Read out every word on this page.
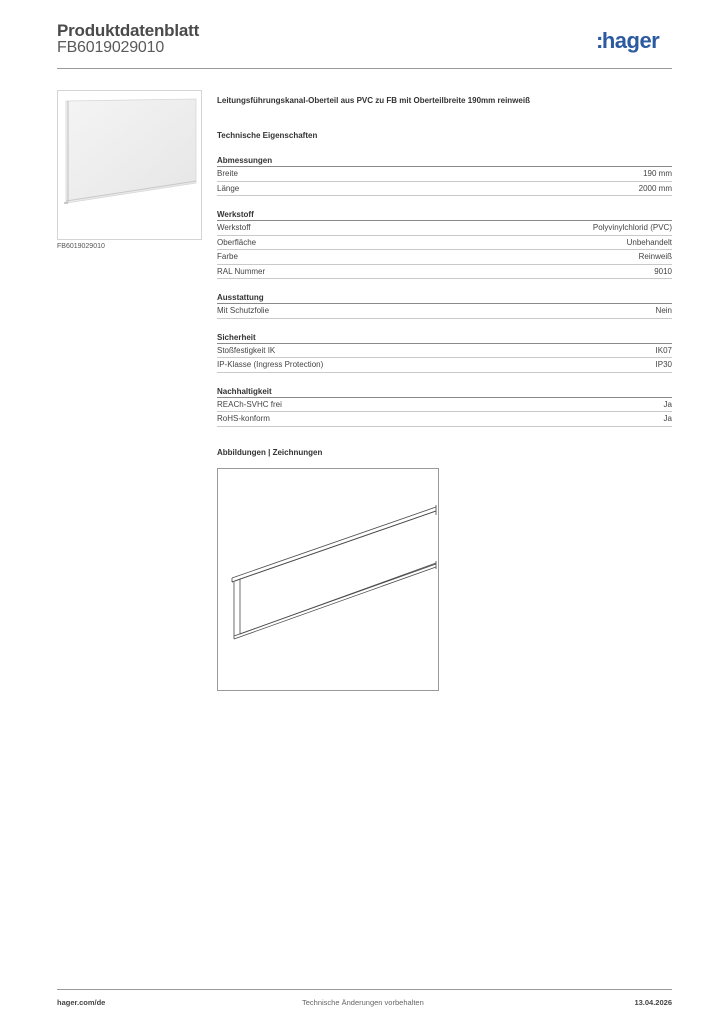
Produktdatenblatt
FB6019029010	:hager
FB6019029010
Leitungsführungskanal-Oberteil aus PVC zu FB mit Oberteilbreite 190mm reinweiß
Technische Eigenschaften
Abmessungen
Breite	190 mm
Länge	2000 mm
Werkstoff
Werkstoff	Polyvinylchlorid (PVC)
Oberfläche	Unbehandelt
Farbe	Reinweiß
RAL Nummer	9010
Ausstattung
Mit Schutzfolie	Nein
Sicherheit
Stoßfestigkeit IK	IK07
IP-Klasse (Ingress Protection)	IP30
Nachhaltigkeit
REACh-SVHC frei	Ja
RoHS-konform	Ja
Abbildungen | Zeichnungen
hager.com/de	Technische Änderungen vorbehalten	13.04.2026
